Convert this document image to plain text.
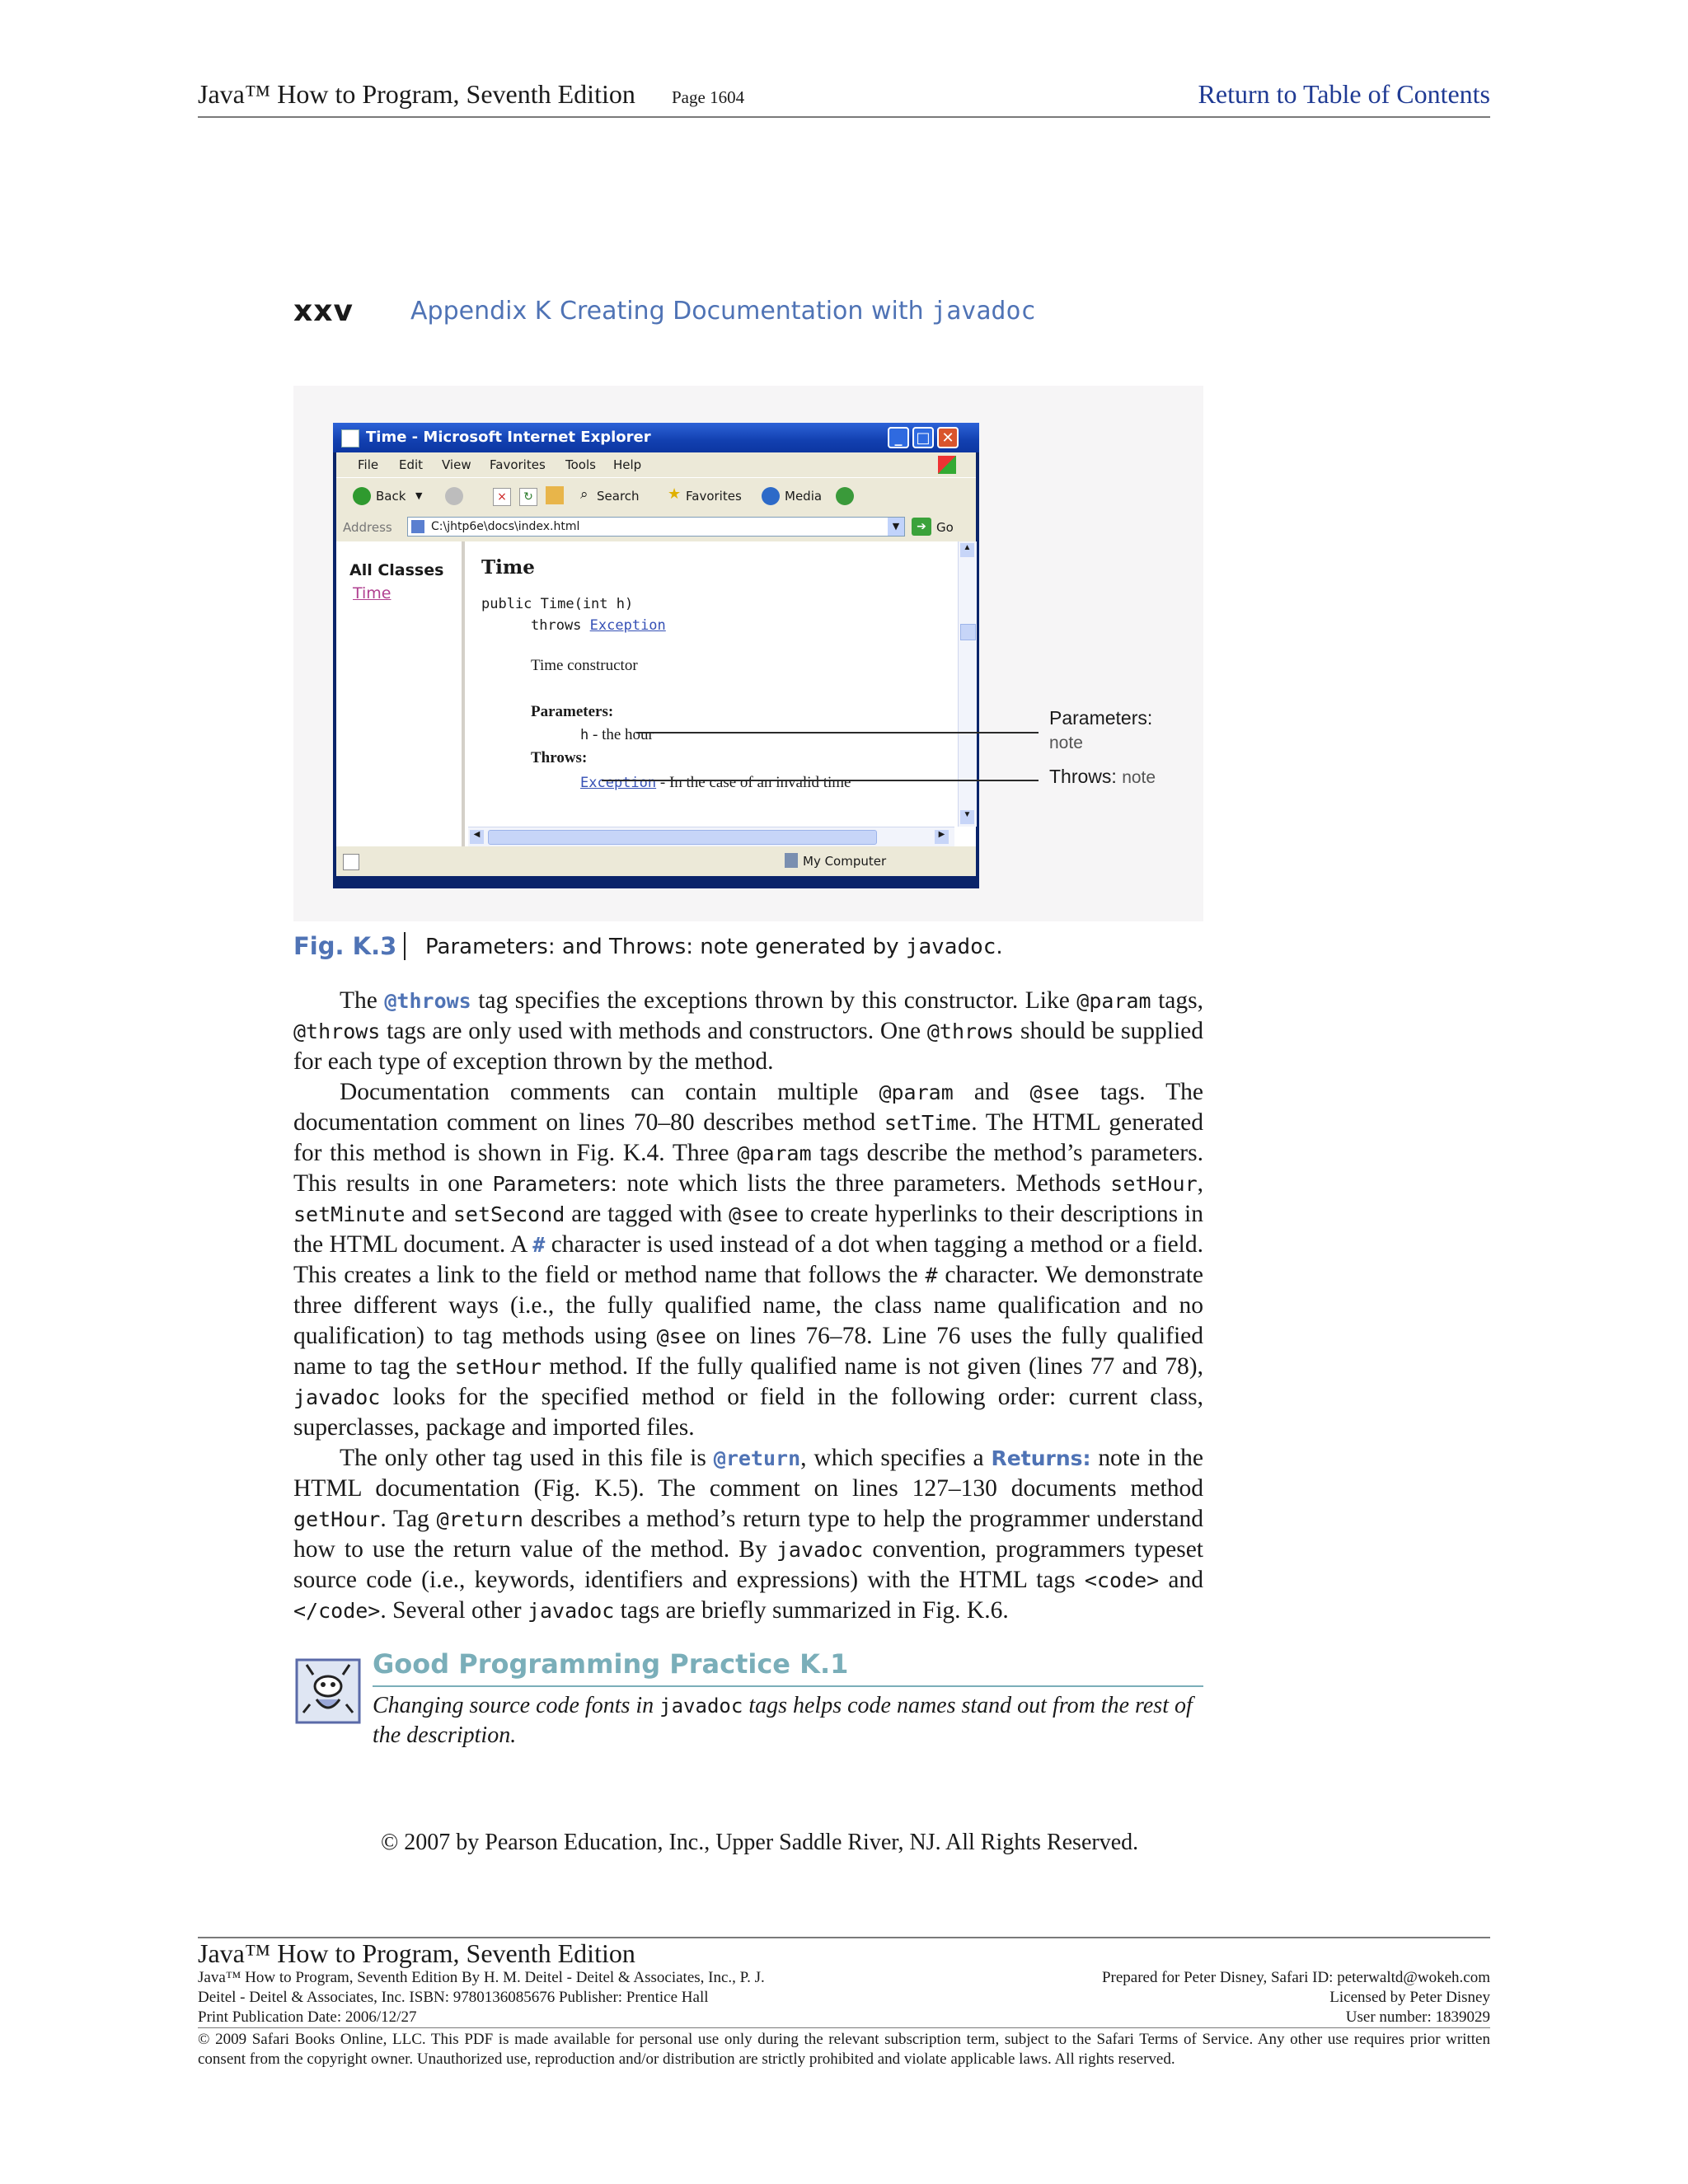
Java™ How to Program, Seventh Edition Page 1604	Return to Table of Contents
xxv Appendix K Creating Documentation with javadoc
Time - Microsoft Internet Explorer	_ □ ✕
File Edit View Favorites Tools Help
Back ▼	×	↻	⌕ Search ★ Favorites	Media
Address	C:\jhtp6e\docs\index.html	▼	➔ Go
All Classes
Time
Time
public Time(int h)
throws Exception
Time constructor
Parameters:
h - the hour
Throws:
Exception - In the case of an invalid time
▲
▼
◀	▶
My Computer
Parameters:
note
Throws: note
Fig. K.3 Parameters: and Throws: note generated by javadoc.

The @throws tag specifies the exceptions thrown by this constructor. Like @param tags, @throws tags are only used with methods and constructors. One @throws should be supplied for each type of exception thrown by the method.

Documentation comments can contain multiple @param and @see tags. The documentation comment on lines 70–80 describes method setTime. The HTML generated for this method is shown in Fig. K.4. Three @param tags describe the method’s parameters. This results in one Parameters: note which lists the three parameters. Methods setHour, setMinute and setSecond are tagged with @see to create hyperlinks to their descriptions in the HTML document. A # character is used instead of a dot when tagging a method or a field. This creates a link to the field or method name that follows the # character. We demonstrate three different ways (i.e., the fully qualified name, the class name qualification and no qualification) to tag methods using @see on lines 76–78. Line 76 uses the fully qualified name to tag the setHour method. If the fully qualified name is not given (lines 77 and 78), javadoc looks for the specified method or field in the following order: current class, superclasses, package and imported files.

The only other tag used in this file is @return, which specifies a Returns: note in the HTML documentation (Fig. K.5). The comment on lines 127–130 documents method getHour. Tag @return describes a method’s return type to help the programmer understand how to use the return value of the method. By javadoc convention, programmers typeset source code (i.e., keywords, identifiers and expressions) with the HTML tags <code> and </code>. Several other javadoc tags are briefly summarized in Fig. K.6.

Good Programming Practice K.1
Changing source code fonts in javadoc tags helps code names stand out from the rest of the description.
© 2007 by Pearson Education, Inc., Upper Saddle River, NJ. All Rights Reserved.
Java™ How to Program, Seventh Edition
Java™ How to Program, Seventh Edition By H. M. Deitel - Deitel & Associates, Inc., P. J.
Deitel - Deitel & Associates, Inc. ISBN: 9780136085676 Publisher: Prentice Hall
Print Publication Date: 2006/12/27
Prepared for Peter Disney, Safari ID: peterwaltd@wokeh.com
Licensed by Peter Disney
User number: 1839029
© 2009 Safari Books Online, LLC. This PDF is made available for personal use only during the relevant subscription term, subject to the Safari Terms of Service. Any other use requires prior written consent from the copyright owner. Unauthorized use, reproduction and/or distribution are strictly prohibited and violate applicable laws. All rights reserved.
